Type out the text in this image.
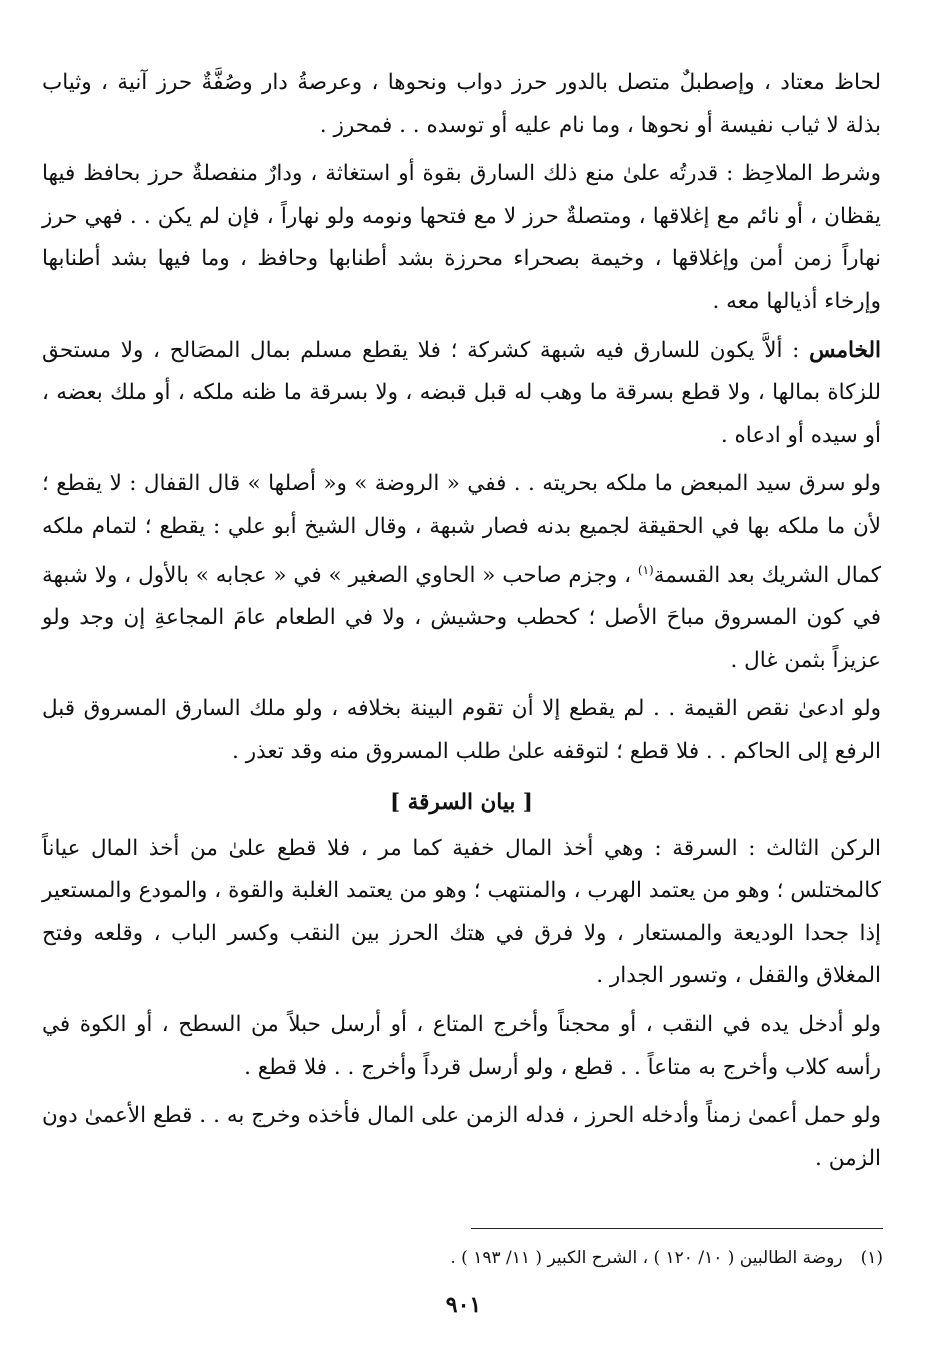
لحاظ معتاد ، وإصطبلٌ متصل بالدور حرز دواب ونحوها ، وعرصةُ دار وصُفَّةٌ حرز آنية ، وثياب بذلة لا ثياب نفيسة أو نحوها ، وما نام عليه أو توسده . . فمحرز .

وشرط الملاحِظ : قدرتُه علىٰ منع ذلك السارق بقوة أو استغاثة ، ودارٌ منفصلةٌ حرز بحافظ فيها يقظان ، أو نائم مع إغلاقها ، ومتصلةٌ حرز لا مع فتحها ونومه ولو نهاراً ، فإن لم يكن . . فهي حرز نهاراً زمن أمن وإغلاقها ، وخيمة بصحراء محرزة بشد أطنابها وحافظ ، وما فيها بشد أطنابها وإرخاء أذيالها معه .

الخامس : ألاَّ يكون للسارق فيه شبهة كشركة ؛ فلا يقطع مسلم بمال المصَالح ، ولا مستحق للزكاة بمالها ، ولا قطع بسرقة ما وهب له قبل قبضه ، ولا بسرقة ما ظنه ملكه ، أو ملك بعضه ، أو سيده أو ادعاه .

ولو سرق سيد المبعض ما ملكه بحريته . . ففي « الروضة » و« أصلها » قال القفال : لا يقطع ؛ لأن ما ملكه بها في الحقيقة لجميع بدنه فصار شبهة ، وقال الشيخ أبو علي : يقطع ؛ لتمام ملكه كمال الشريك بعد القسمة$^{(١)}$ ، وجزم صاحب « الحاوي الصغير » في « عجابه » بالأول ، ولا شبهة في كون المسروق مباحَ الأصل ؛ كحطب وحشيش ، ولا في الطعام عامَ المجاعةِ إن وجد ولو عزيزاً بثمن غال .

ولو ادعىٰ نقص القيمة . . لم يقطع إلا أن تقوم البينة بخلافه ، ولو ملك السارق المسروق قبل الرفع إلى الحاكم . . فلا قطع ؛ لتوقفه علىٰ طلب المسروق منه وقد تعذر .

[ بيان السرقة ]

الركن الثالث : السرقة : وهي أخذ المال خفية كما مر ، فلا قطع علىٰ من أخذ المال عياناً كالمختلس ؛ وهو من يعتمد الهرب ، والمنتهب ؛ وهو من يعتمد الغلبة والقوة ، والمودع والمستعير إذا جحدا الوديعة والمستعار ، ولا فرق في هتك الحرز بين النقب وكسر الباب ، وقلعه وفتح المغلاق والقفل ، وتسور الجدار .

ولو أدخل يده في النقب ، أو محجناً وأخرج المتاع ، أو أرسل حبلاً من السطح ، أو الكوة في رأسه كلاب وأخرج به متاعاً . . قطع ، ولو أرسل قرداً وأخرج . . فلا قطع .

ولو حمل أعمىٰ زمناً وأدخله الحرز ، فدله الزمن على المال فأخذه وخرج به . . قطع الأعمىٰ دون الزمن .

(١)روضة الطالبين ( ١٠/ ١٢٠ ) ، الشرح الكبير ( ١١/ ١٩٣ ) .
٩٠١
